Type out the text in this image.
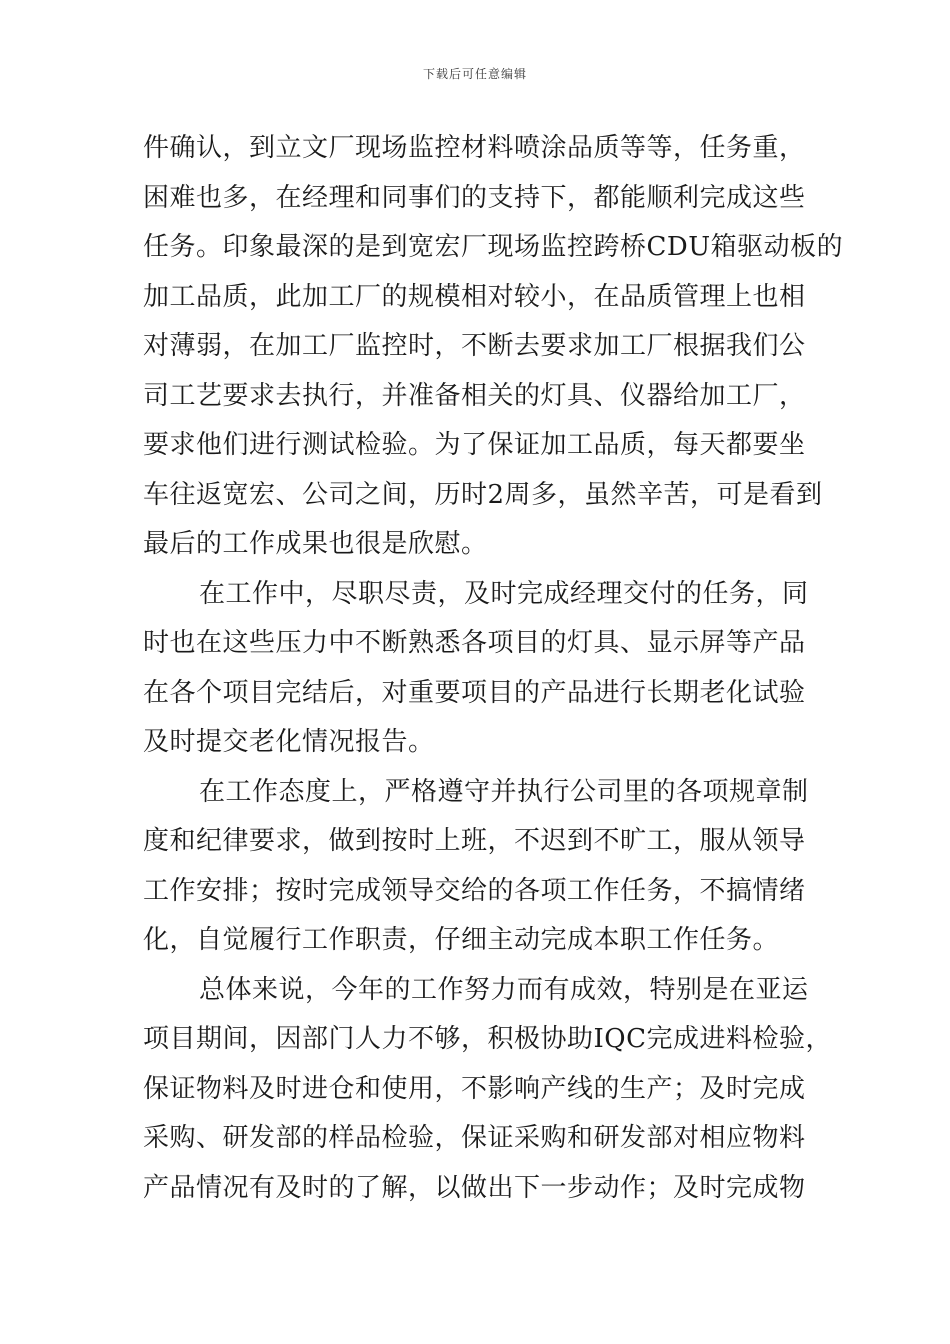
下载后可任意编辑
件确认，到立文厂现场监控材料喷涂品质等等，任务重，
困难也多，在经理和同事们的支持下，都能顺利完成这些
任务。印象最深的是到宽宏厂现场监控跨桥CDU箱驱动板的
加工品质，此加工厂的规模相对较小，在品质管理上也相
对薄弱，在加工厂监控时，不断去要求加工厂根据我们公
司工艺要求去执行，并准备相关的灯具、仪器给加工厂，
要求他们进行测试检验。为了保证加工品质，每天都要坐
车往返宽宏、公司之间，历时2周多，虽然辛苦，可是看到
最后的工作成果也很是欣慰。
在工作中，尽职尽责，及时完成经理交付的任务，同
时也在这些压力中不断熟悉各项目的灯具、显示屏等产品
在各个项目完结后，对重要项目的产品进行长期老化试验
及时提交老化情况报告。
在工作态度上，严格遵守并执行公司里的各项规章制
度和纪律要求，做到按时上班，不迟到不旷工，服从领导
工作安排；按时完成领导交给的各项工作任务，不搞情绪
化，自觉履行工作职责，仔细主动完成本职工作任务。
总体来说，今年的工作努力而有成效，特别是在亚运
项目期间，因部门人力不够，积极协助IQC完成进料检验，
保证物料及时进仓和使用，不影响产线的生产；及时完成
采购、研发部的样品检验，保证采购和研发部对相应物料
产品情况有及时的了解，以做出下一步动作；及时完成物
